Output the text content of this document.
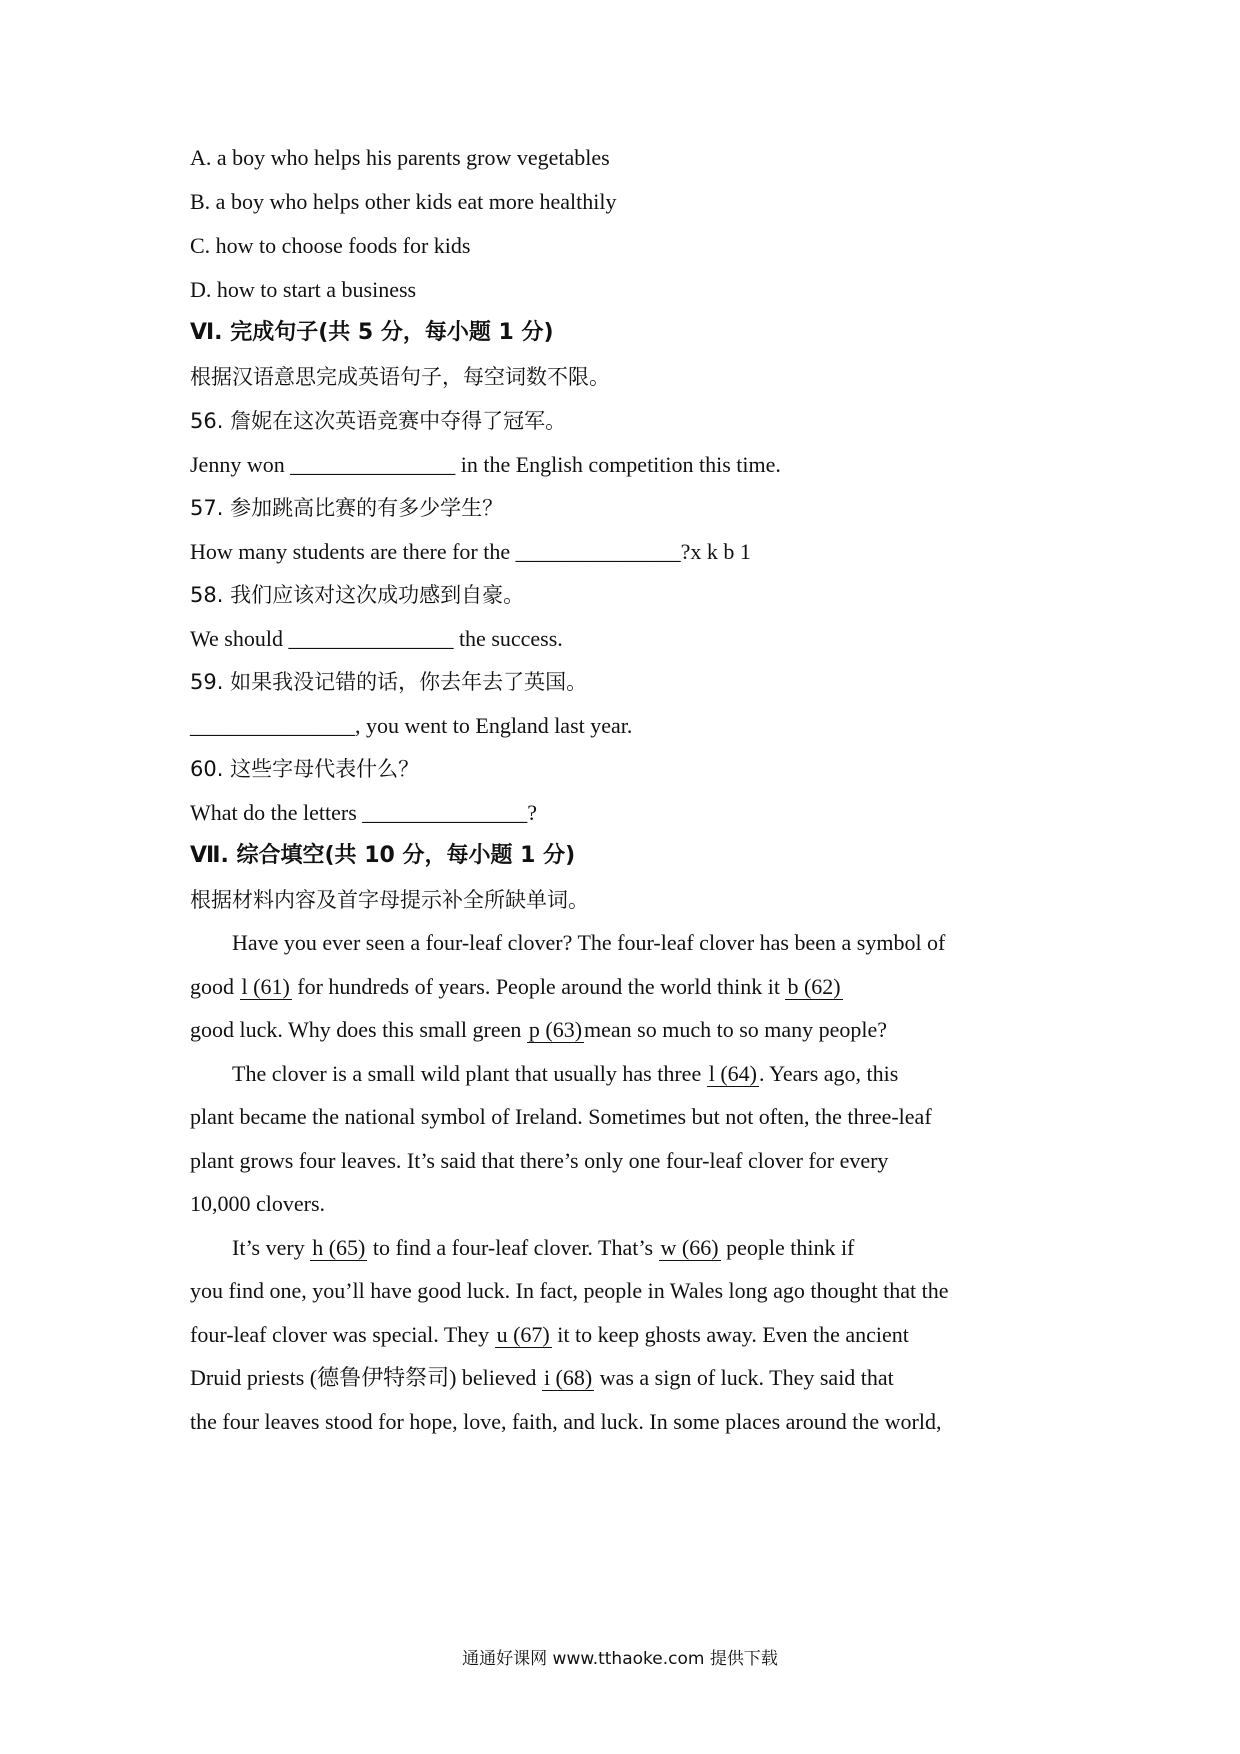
A. a boy who helps his parents grow vegetables
B. a boy who helps other kids eat more healthily
C. how to choose foods for kids
D. how to start a business
Ⅵ. 完成句子(共 5 分，每小题 1 分)
根据汉语意思完成英语句子，每空词数不限。
56. 詹妮在这次英语竞赛中夺得了冠军。
Jenny won _______________ in the English competition this time.
57. 参加跳高比赛的有多少学生？
How many students are there for the _______________?x k b 1
58. 我们应该对这次成功感到自豪。
We should _______________ the success.
59. 如果我没记错的话，你去年去了英国。
_______________, you went to England last year.
60. 这些字母代表什么？
What do the letters _______________?
Ⅶ. 综合填空(共 10 分，每小题 1 分)
根据材料内容及首字母提示补全所缺单词。
Have you ever seen a four-leaf clover? The four-leaf clover has been a symbol of
good l (61) for hundreds of years. People around the world think it b (62)
good luck. Why does this small green p (63)mean so much to so many people?
The clover is a small wild plant that usually has three l (64). Years ago, this
plant became the national symbol of Ireland. Sometimes but not often, the three-leaf
plant grows four leaves. It’s said that there’s only one four-leaf clover for every
10,000 clovers.
It’s very h (65) to find a four-leaf clover. That’s w (66) people think if
you find one, you’ll have good luck. In fact, people in Wales long ago thought that the
four-leaf clover was special. They u (67) it to keep ghosts away. Even the ancient
Druid priests (德鲁伊特祭司) believed i (68) was a sign of luck. They said that
the four leaves stood for hope, love, faith, and luck. In some places around the world,
通通好课网 www.tthaoke.com 提供下载
